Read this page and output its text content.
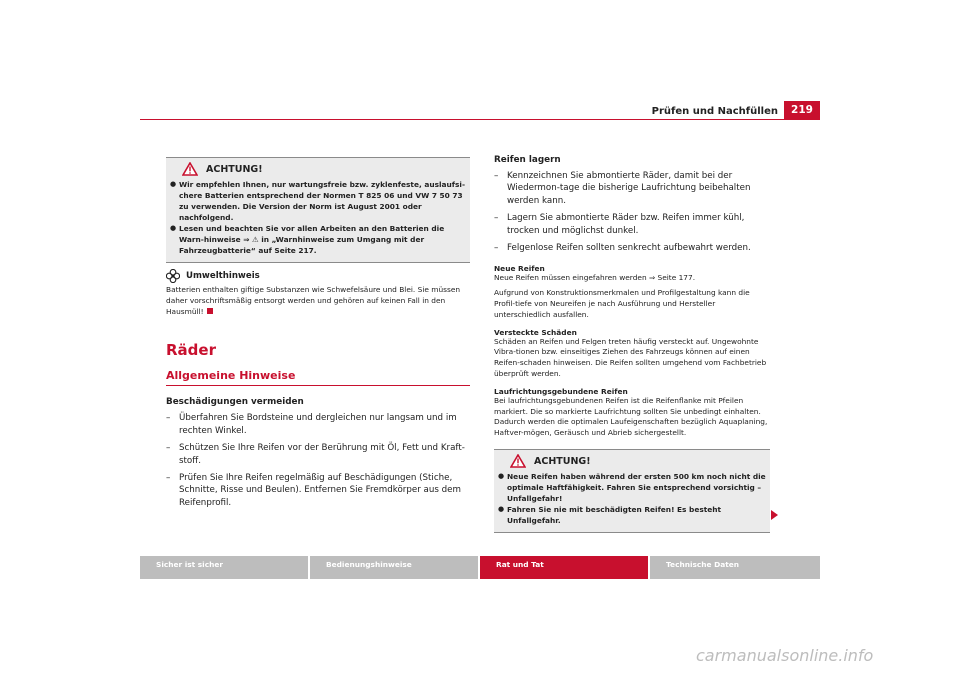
Prüfen und Nachfüllen	219
ACHTUNG!
● Wir empfehlen Ihnen, nur wartungsfreie bzw. zyklenfeste, auslaufsi-chere Batterien entsprechend der Normen T 825 06 und VW 7 50 73 zu verwenden. Die Version der Norm ist August 2001 oder nachfolgend.
● Lesen und beachten Sie vor allen Arbeiten an den Batterien die Warn-hinweise ⇒ ⚠ in „Warnhinweise zum Umgang mit der Fahrzeugbatterie“ auf Seite 217.
Umwelthinweis
Batterien enthalten giftige Substanzen wie Schwefelsäure und Blei. Sie müssen daher vorschriftsmäßig entsorgt werden und gehören auf keinen Fall in den Hausmüll!
Räder
Allgemeine Hinweise
Beschädigungen vermeiden
– Überfahren Sie Bordsteine und dergleichen nur langsam und im rechten Winkel.
– Schützen Sie Ihre Reifen vor der Berührung mit Öl, Fett und Kraft-stoff.
– Prüfen Sie Ihre Reifen regelmäßig auf Beschädigungen (Stiche, Schnitte, Risse und Beulen). Entfernen Sie Fremdkörper aus dem Reifenprofil.
Reifen lagern
– Kennzeichnen Sie abmontierte Räder, damit bei der Wiedermon-tage die bisherige Laufrichtung beibehalten werden kann.
– Lagern Sie abmontierte Räder bzw. Reifen immer kühl, trocken und möglichst dunkel.
– Felgenlose Reifen sollten senkrecht aufbewahrt werden.
Neue Reifen
Neue Reifen müssen eingefahren werden ⇒ Seite 177.
Aufgrund von Konstruktionsmerkmalen und Profilgestaltung kann die Profil-tiefe von Neureifen je nach Ausführung und Hersteller unterschiedlich ausfallen.
Versteckte Schäden
Schäden an Reifen und Felgen treten häufig versteckt auf. Ungewohnte Vibra-tionen bzw. einseitiges Ziehen des Fahrzeugs können auf einen Reifen-schaden hinweisen. Die Reifen sollten umgehend vom Fachbetrieb überprüft werden.
Laufrichtungsgebundene Reifen
Bei laufrichtungsgebundenen Reifen ist die Reifenflanke mit Pfeilen markiert. Die so markierte Laufrichtung sollten Sie unbedingt einhalten. Dadurch werden die optimalen Laufeigenschaften bezüglich Aquaplaning, Haftver-mögen, Geräusch und Abrieb sichergestellt.
ACHTUNG!
● Neue Reifen haben während der ersten 500 km noch nicht die optimale Haftfähigkeit. Fahren Sie entsprechend vorsichtig – Unfallgefahr!
● Fahren Sie nie mit beschädigten Reifen! Es besteht Unfallgefahr.
Sicher ist sicher	Bedienungshinweise	Rat und Tat	Technische Daten
carmanualsonline.info
